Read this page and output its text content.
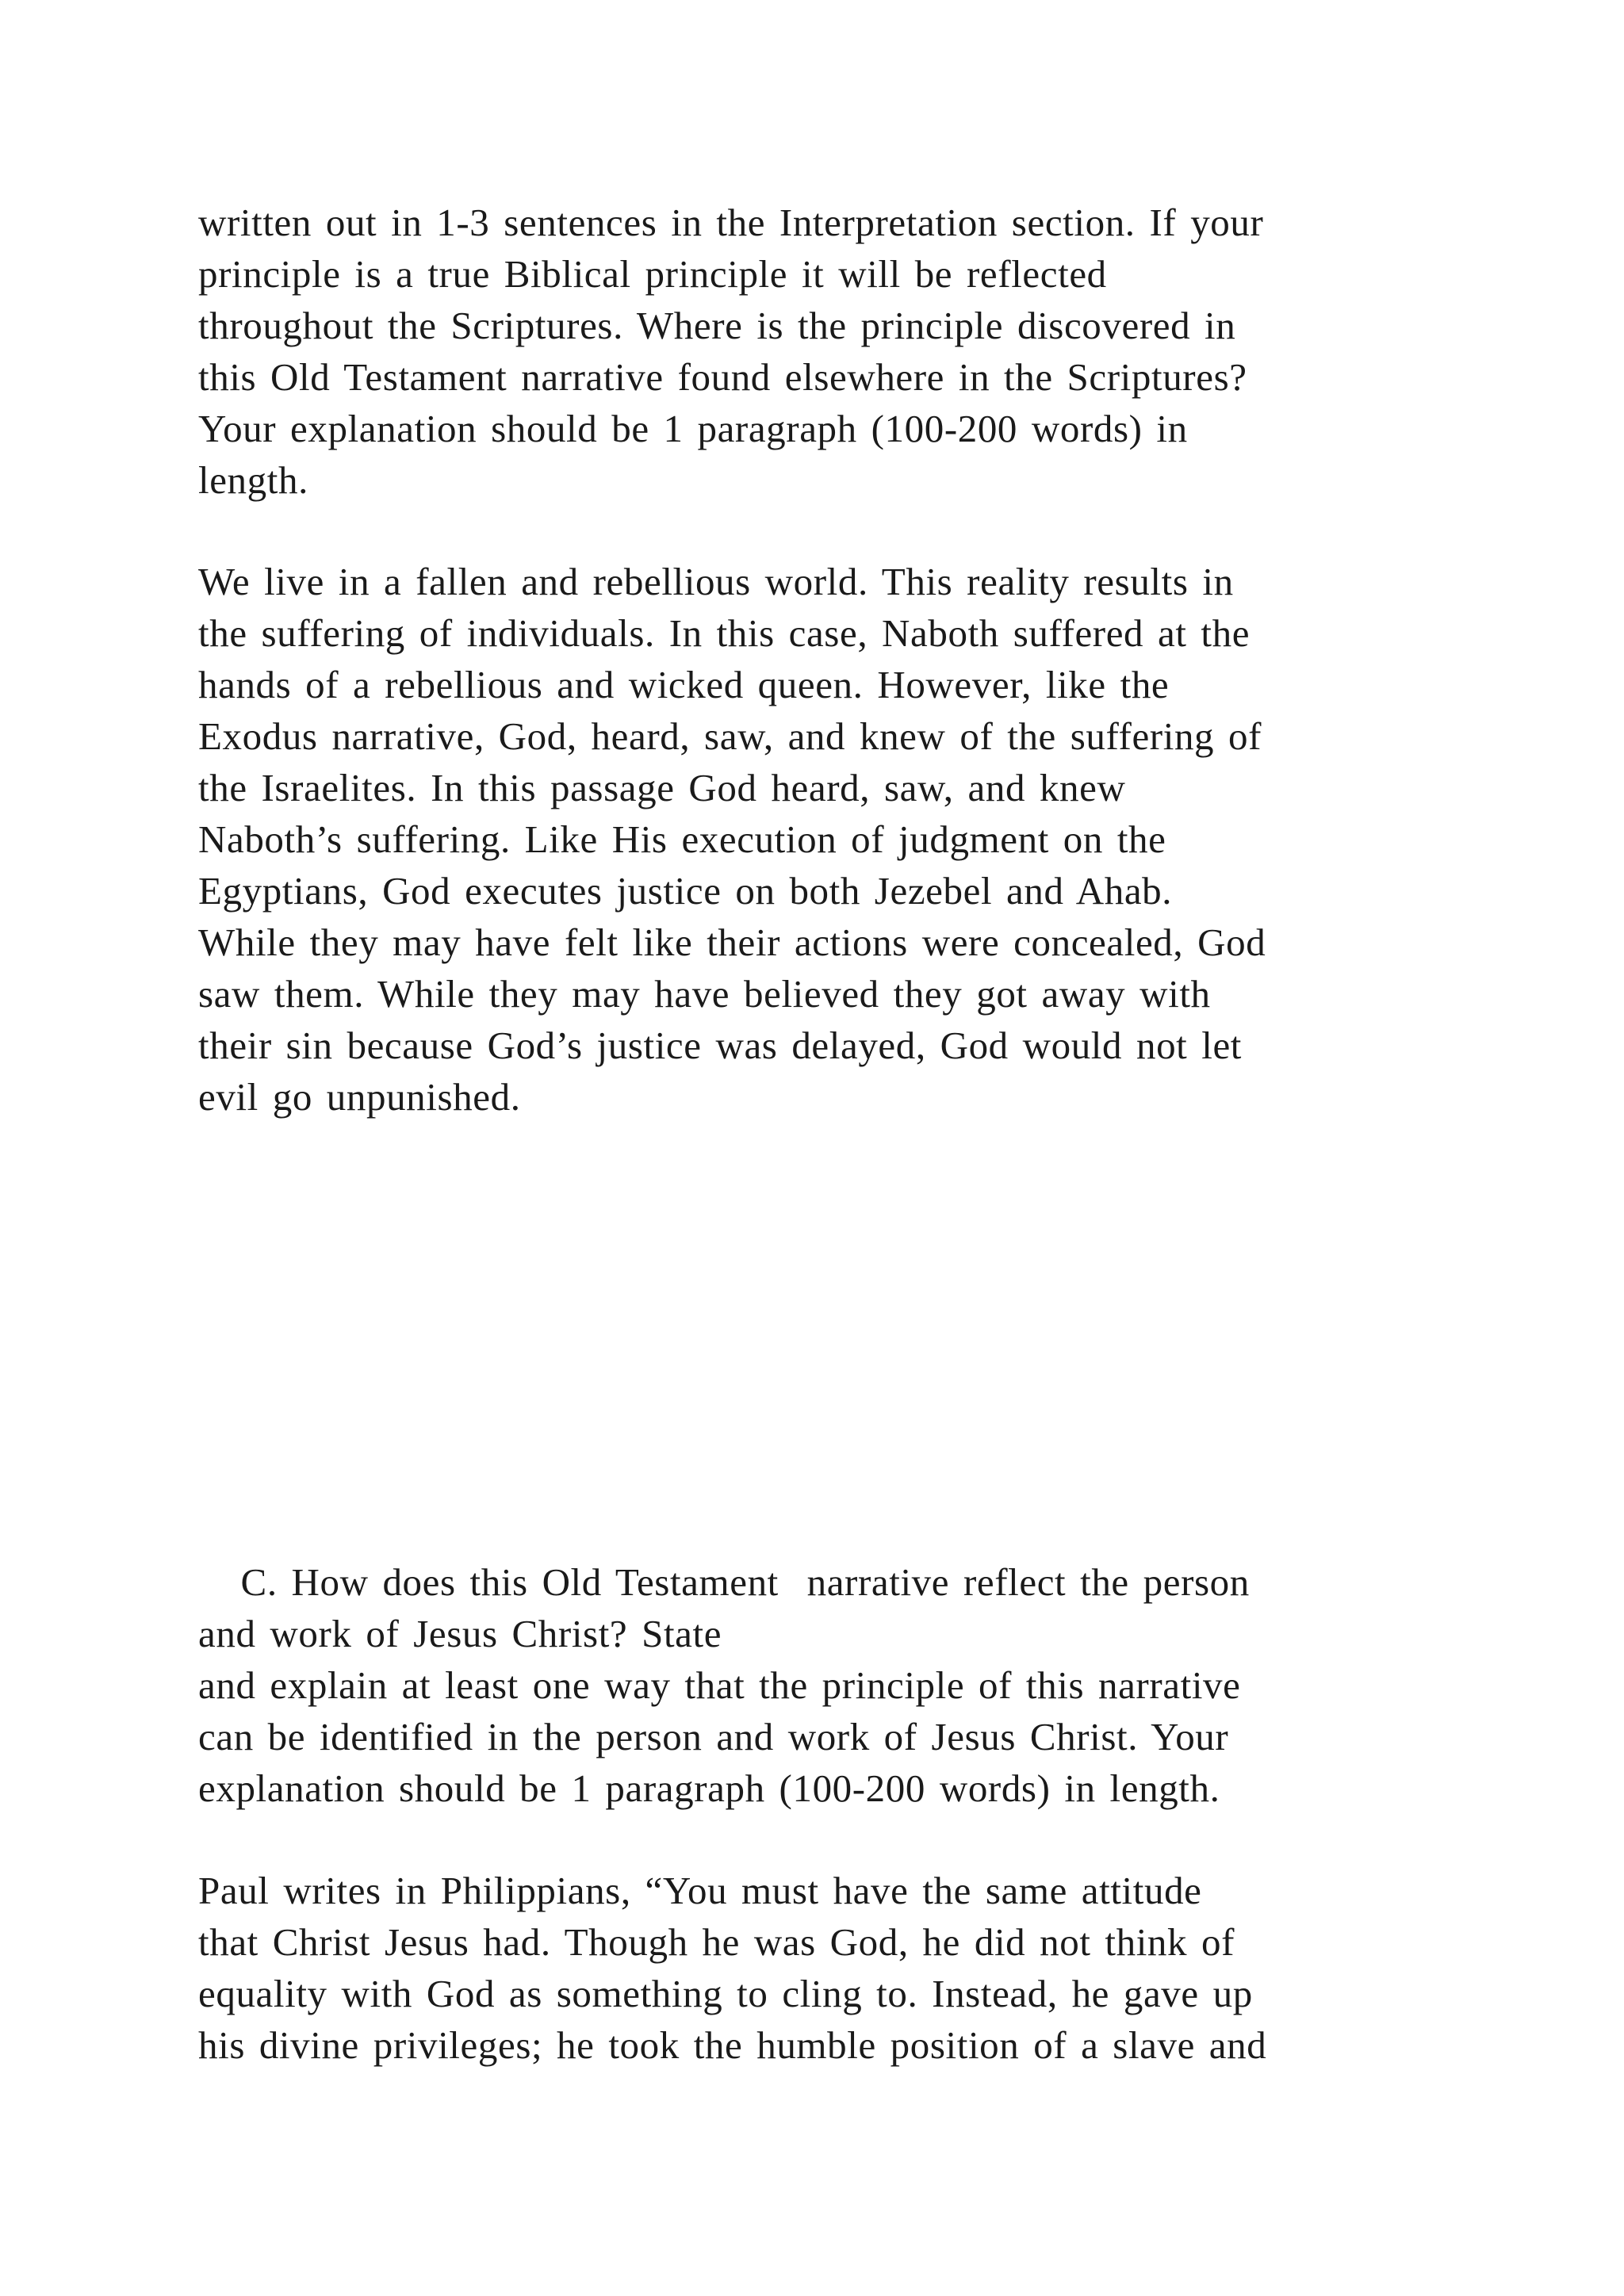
written out in 1-3 sentences in the Interpretation section. If your
principle is a true Biblical principle it will be reflected
throughout the Scriptures. Where is the principle discovered in
this Old Testament narrative found elsewhere in the Scriptures?
Your explanation should be 1 paragraph (100-200 words) in
length.
We live in a fallen and rebellious world. This reality results in
the suffering of individuals. In this case, Naboth suffered at the
hands of a rebellious and wicked queen. However, like the
Exodus narrative, God, heard, saw, and knew of the suffering of
the Israelites. In this passage God heard, saw, and knew
Naboth’s suffering. Like His execution of judgment on the
Egyptians, God executes justice on both Jezebel and Ahab.
While they may have felt like their actions were concealed, God
saw them. While they may have believed they got away with
their sin because God’s justice was delayed, God would not let
evil go unpunished.
C. How does this Old Testament  narrative reflect the person
and work of Jesus Christ? State
and explain at least one way that the principle of this narrative
can be identified in the person and work of Jesus Christ. Your
explanation should be 1 paragraph (100-200 words) in length.
Paul writes in Philippians, “You must have the same attitude
that Christ Jesus had. Though he was God, he did not think of
equality with God as something to cling to. Instead, he gave up
his divine privileges; he took the humble position of a slave and
